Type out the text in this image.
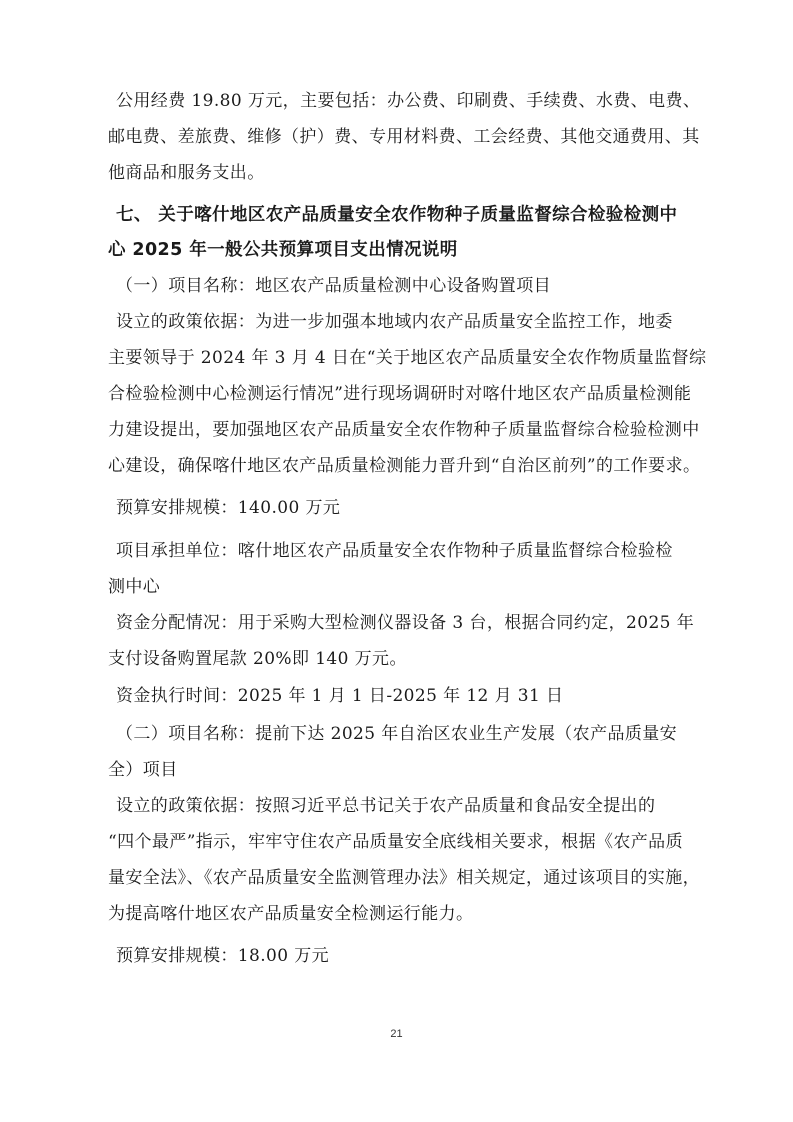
公用经费 19.80 万元，主要包括：办公费、印刷费、手续费、水费、电费、
邮电费、差旅费、维修（护）费、专用材料费、工会经费、其他交通费用、其
他商品和服务支出。
七、 关于喀什地区农产品质量安全农作物种子质量监督综合检验检测中
心 2025 年一般公共预算项目支出情况说明
（一）项目名称：地区农产品质量检测中心设备购置项目
设立的政策依据：为进一步加强本地域内农产品质量安全监控工作，地委
主要领导于 2024 年 3 月 4 日在“关于地区农产品质量安全农作物质量监督综
合检验检测中心检测运行情况”进行现场调研时对喀什地区农产品质量检测能
力建设提出，要加强地区农产品质量安全农作物种子质量监督综合检验检测中
心建设，确保喀什地区农产品质量检测能力晋升到“自治区前列”的工作要求。
预算安排规模：140.00 万元
项目承担单位：喀什地区农产品质量安全农作物种子质量监督综合检验检
测中心
资金分配情况：用于采购大型检测仪器设备 3 台，根据合同约定，2025 年
支付设备购置尾款 20%即 140 万元。
资金执行时间：2025 年 1 月 1 日-2025 年 12 月 31 日
（二）项目名称：提前下达 2025 年自治区农业生产发展（农产品质量安
全）项目
设立的政策依据：按照习近平总书记关于农产品质量和食品安全提出的
“四个最严”指示，牢牢守住农产品质量安全底线相关要求，根据《农产品质
量安全法》、《农产品质量安全监测管理办法》相关规定，通过该项目的实施，
为提高喀什地区农产品质量安全检测运行能力。
预算安排规模：18.00 万元
21
